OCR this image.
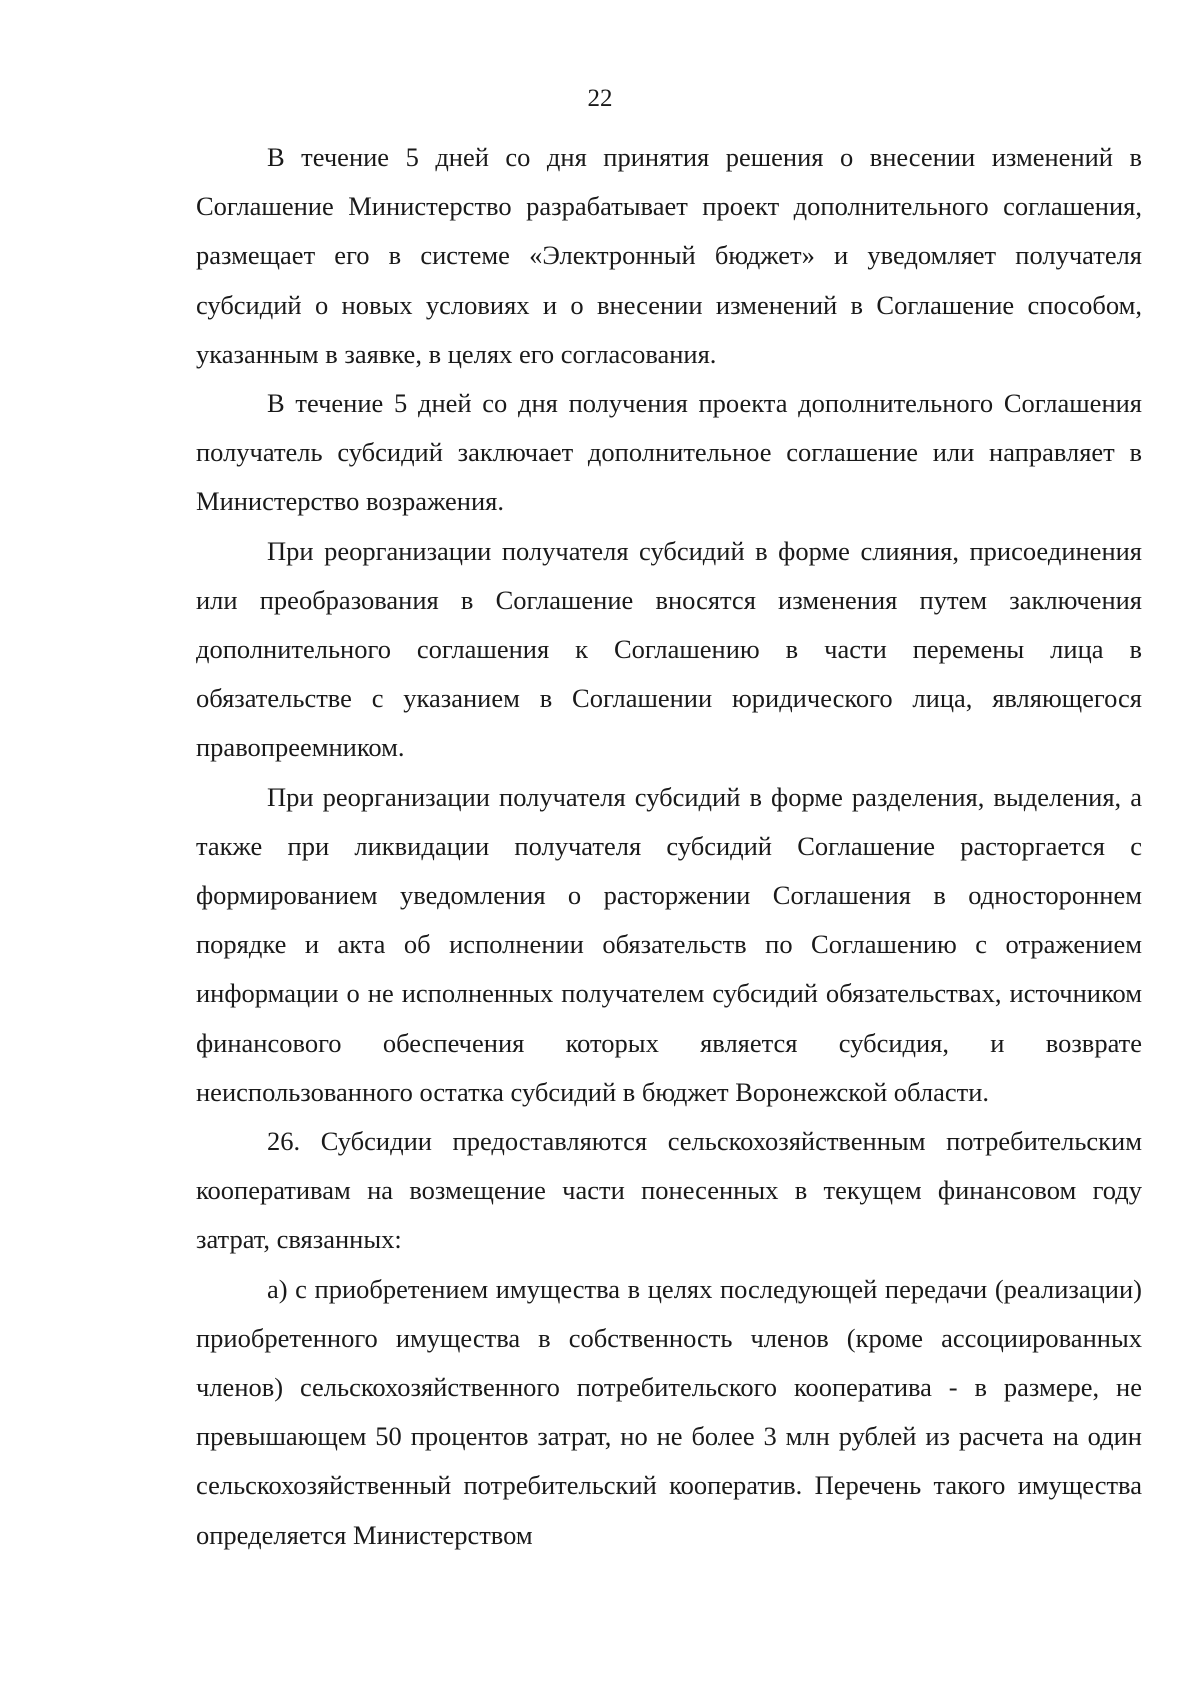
22

В течение 5 дней со дня принятия решения о внесении изменений в Соглашение Министерство разрабатывает проект дополнительного соглашения, размещает его в системе «Электронный бюджет» и уведомляет получателя субсидий о новых условиях и о внесении изменений в Соглашение способом, указанным в заявке, в целях его согласования.

В течение 5 дней со дня получения проекта дополнительного Соглашения получатель субсидий заключает дополнительное соглашение или направляет в Министерство возражения.

При реорганизации получателя субсидий в форме слияния, присоединения или преобразования в Соглашение вносятся изменения путем заключения дополнительного соглашения к Соглашению в части перемены лица в обязательстве с указанием в Соглашении юридического лица, являющегося правопреемником.

При реорганизации получателя субсидий в форме разделения, выделения, а также при ликвидации получателя субсидий Соглашение расторгается с формированием уведомления о расторжении Соглашения в одностороннем порядке и акта об исполнении обязательств по Соглашению с отражением информации о не исполненных получателем субсидий обязательствах, источником финансового обеспечения которых является субсидия, и возврате неиспользованного остатка субсидий в бюджет Воронежской области.

26. Субсидии предоставляются сельскохозяйственным потребительским кооперативам на возмещение части понесенных в текущем финансовом году затрат, связанных:

а) с приобретением имущества в целях последующей передачи (реализации) приобретенного имущества в собственность членов (кроме ассоциированных членов) сельскохозяйственного потребительского кооператива - в размере, не превышающем 50 процентов затрат, но не более 3 млн рублей из расчета на один сельскохозяйственный потребительский кооператив. Перечень такого имущества определяется Министерством
